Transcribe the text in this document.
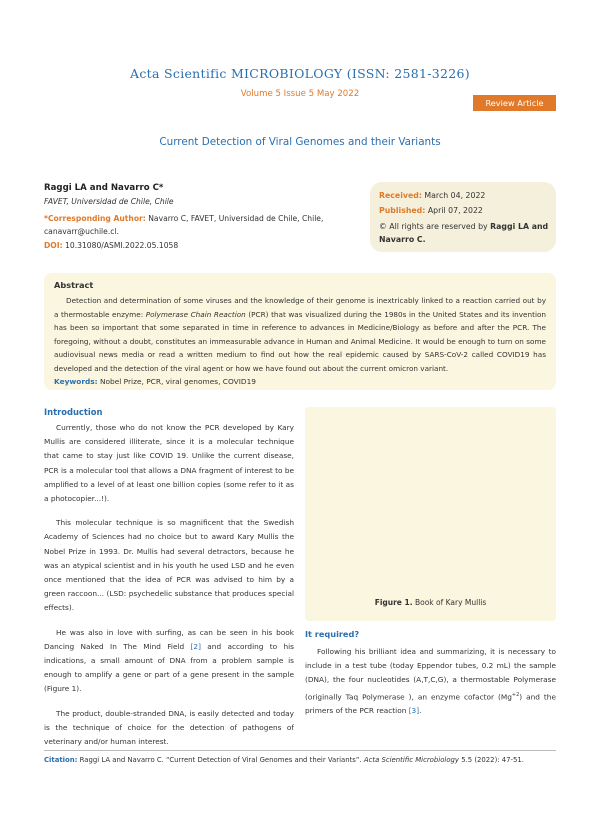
Acta Scientific MICROBIOLOGY (ISSN: 2581-3226)
Volume 5 Issue 5 May 2022
Review Article
Current Detection of Viral Genomes and their Variants
Raggi LA and Navarro C*
FAVET, Universidad de Chile, Chile
*Corresponding Author: Navarro C, FAVET, Universidad de Chile, Chile, canavarr@uchile.cl.
DOI: 10.31080/ASMI.2022.05.1058
Received: March 04, 2022
Published: April 07, 2022
© All rights are reserved by Raggi LA and Navarro C.
Abstract
Detection and determination of some viruses and the knowledge of their genome is inextricably linked to a reaction carried out by a thermostable enzyme: Polymerase Chain Reaction (PCR) that was visualized during the 1980s in the United States and its invention has been so important that some separated in time in reference to advances in Medicine/Biology as before and after the PCR. The foregoing, without a doubt, constitutes an immeasurable advance in Human and Animal Medicine. It would be enough to turn on some audiovisual news media or read a written medium to find out how the real epidemic caused by SARS-CoV-2 called COVID19 has developed and the detection of the viral agent or how we have found out about the current omicron variant.
Keywords: Nobel Prize, PCR, viral genomes, COVID19
Introduction

Currently, those who do not know the PCR developed by Kary Mullis are considered illiterate, since it is a molecular technique that came to stay just like COVID 19. Unlike the current disease, PCR is a molecular tool that allows a DNA fragment of interest to be amplified to a level of at least one billion copies (some refer to it as a photocopier...!).

This molecular technique is so magnificent that the Swedish Academy of Sciences had no choice but to award Kary Mullis the Nobel Prize in 1993. Dr. Mullis had several detractors, because he was an atypical scientist and in his youth he used LSD and he even once mentioned that the idea of PCR was advised to him by a green raccoon... (LSD: psychedelic substance that produces special effects).

He was also in love with surfing, as can be seen in his book Dancing Naked In The Mind Field [2] and according to his indications, a small amount of DNA from a problem sample is enough to amplify a gene or part of a gene present in the sample (Figure 1).

The product, double-stranded DNA, is easily detected and today is the technique of choice for the detection of pathogens of veterinary and/or human interest.

Figure 1. Book of Kary Mullis
It required?

Following his brilliant idea and summarizing, it is necessary to include in a test tube (today Eppendor tubes, 0.2 mL) the sample (DNA), the four nucleotides (A,T,C,G), a thermostable Polymerase (originally Taq Polymerase ), an enzyme cofactor $(Mg^{+2})$ and the primers of the PCR reaction [3].

Citation: Raggi LA and Navarro C. “Current Detection of Viral Genomes and their Variants”. Acta Scientific Microbiology 5.5 (2022): 47-51.
